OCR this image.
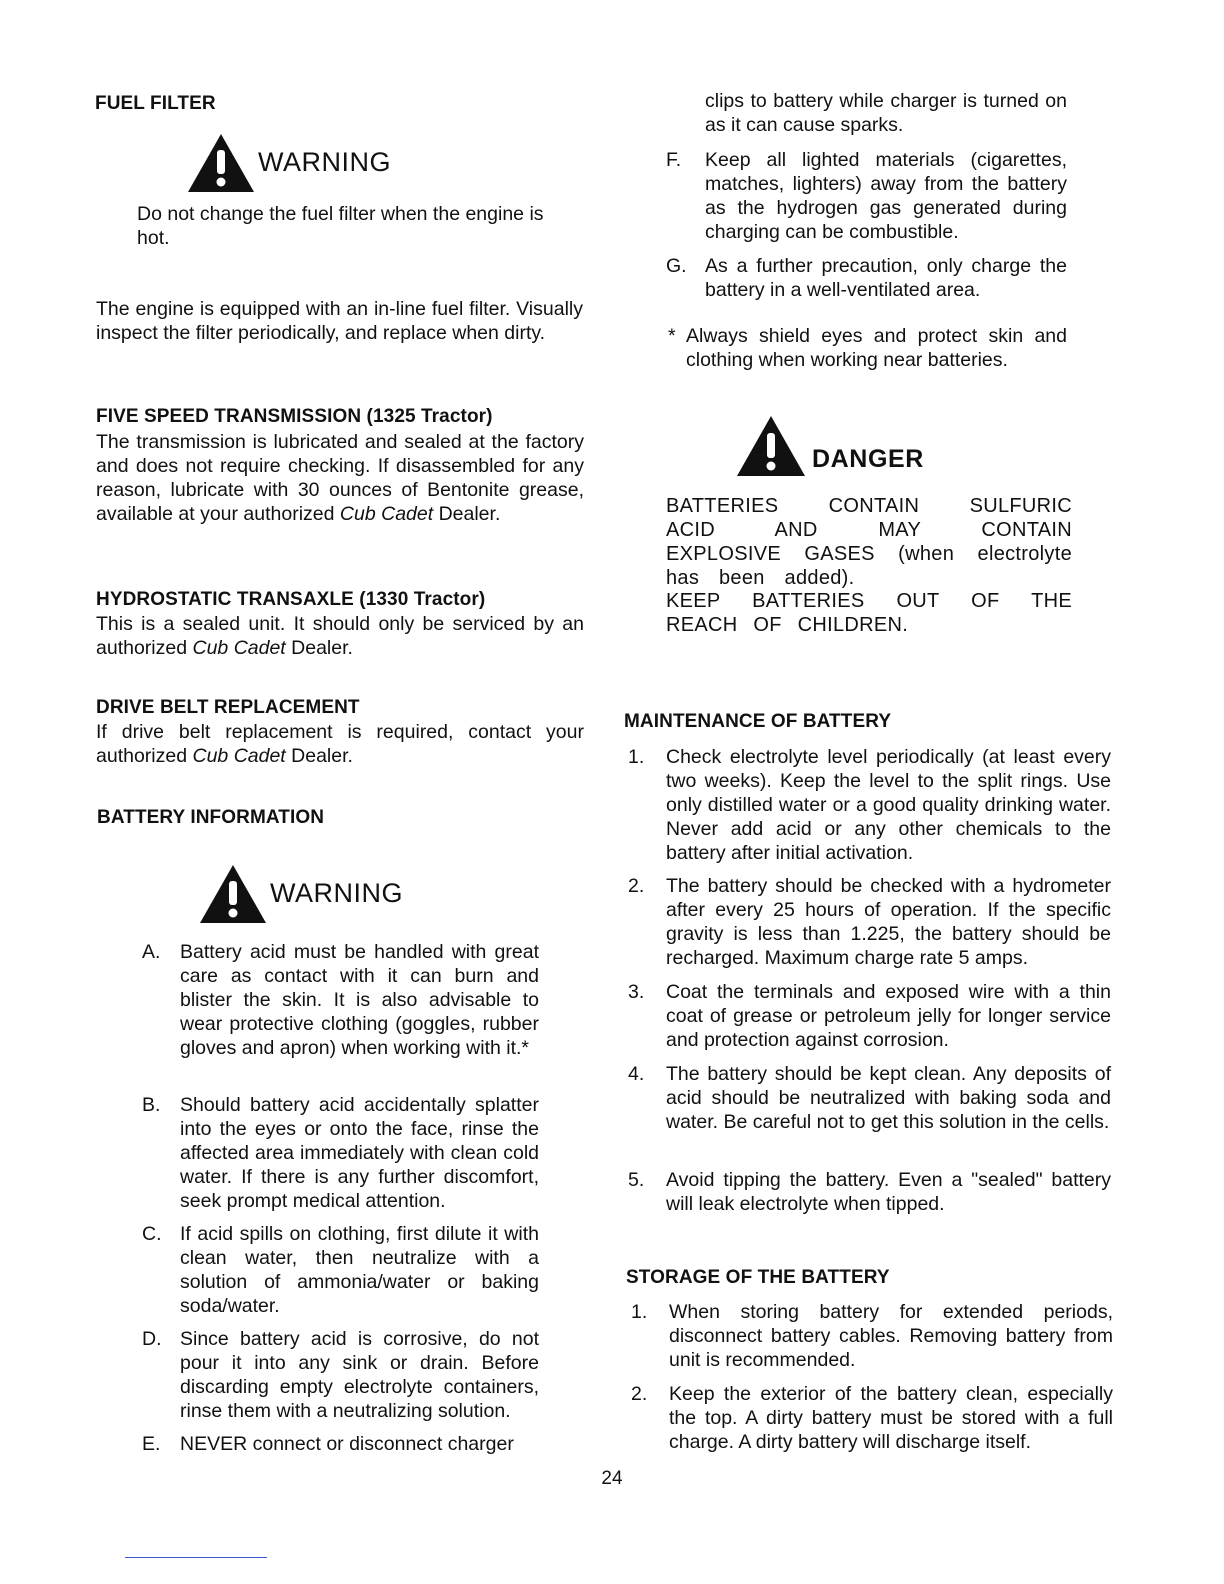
FUEL FILTER
WARNING
Do not change the fuel filter when the engine is hot.
The engine is equipped with an in-line fuel filter. Visually inspect the filter periodically, and replace when dirty.
FIVE SPEED TRANSMISSION (1325 Tractor)
The transmission is lubricated and sealed at the factory and does not require checking. If disassembled for any reason, lubricate with 30 ounces of Bentonite grease, available at your authorized Cub Cadet Dealer.
HYDROSTATIC TRANSAXLE (1330 Tractor)
This is a sealed unit. It should only be serviced by an authorized Cub Cadet Dealer.
DRIVE BELT REPLACEMENT
If drive belt replacement is required, contact your authorized Cub Cadet Dealer.
BATTERY INFORMATION
WARNING
A. Battery acid must be handled with great care as contact with it can burn and blister the skin. It is also advisable to wear protective clothing (goggles, rubber gloves and apron) when working with it.*
B. Should battery acid accidentally splatter into the eyes or onto the face, rinse the affected area immediately with clean cold water. If there is any further discomfort, seek prompt medical attention.
C. If acid spills on clothing, first dilute it with clean water, then neutralize with a solution of ammonia/water or baking soda/water.
D. Since battery acid is corrosive, do not pour it into any sink or drain. Before discarding empty electrolyte containers, rinse them with a neutralizing solution.
E. NEVER connect or disconnect charger
clips to battery while charger is turned on as it can cause sparks.
F. Keep all lighted materials (cigarettes, matches, lighters) away from the battery as the hydrogen gas generated during charging can be combustible.
G. As a further precaution, only charge the battery in a well-ventilated area.
* Always shield eyes and protect skin and clothing when working near batteries.
DANGER
BATTERIES CONTAIN SULFURIC ACID AND MAY CONTAIN EXPLOSIVE GASES (when electrolyte has been added).
KEEP BATTERIES OUT OF THE REACH OF CHILDREN.
MAINTENANCE OF BATTERY
1. Check electrolyte level periodically (at least every two weeks). Keep the level to the split rings. Use only distilled water or a good quality drinking water. Never add acid or any other chemicals to the battery after initial activation.
2. The battery should be checked with a hydrometer after every 25 hours of operation. If the specific gravity is less than 1.225, the battery should be recharged. Maximum charge rate 5 amps.
3. Coat the terminals and exposed wire with a thin coat of grease or petroleum jelly for longer service and protection against corrosion.
4. The battery should be kept clean. Any deposits of acid should be neutralized with baking soda and water. Be careful not to get this solution in the cells.
5. Avoid tipping the battery. Even a "sealed" battery will leak electrolyte when tipped.
STORAGE OF THE BATTERY
1. When storing battery for extended periods, disconnect battery cables. Removing battery from unit is recommended.
2. Keep the exterior of the battery clean, especially the top. A dirty battery must be stored with a full charge. A dirty battery will discharge itself.
24
